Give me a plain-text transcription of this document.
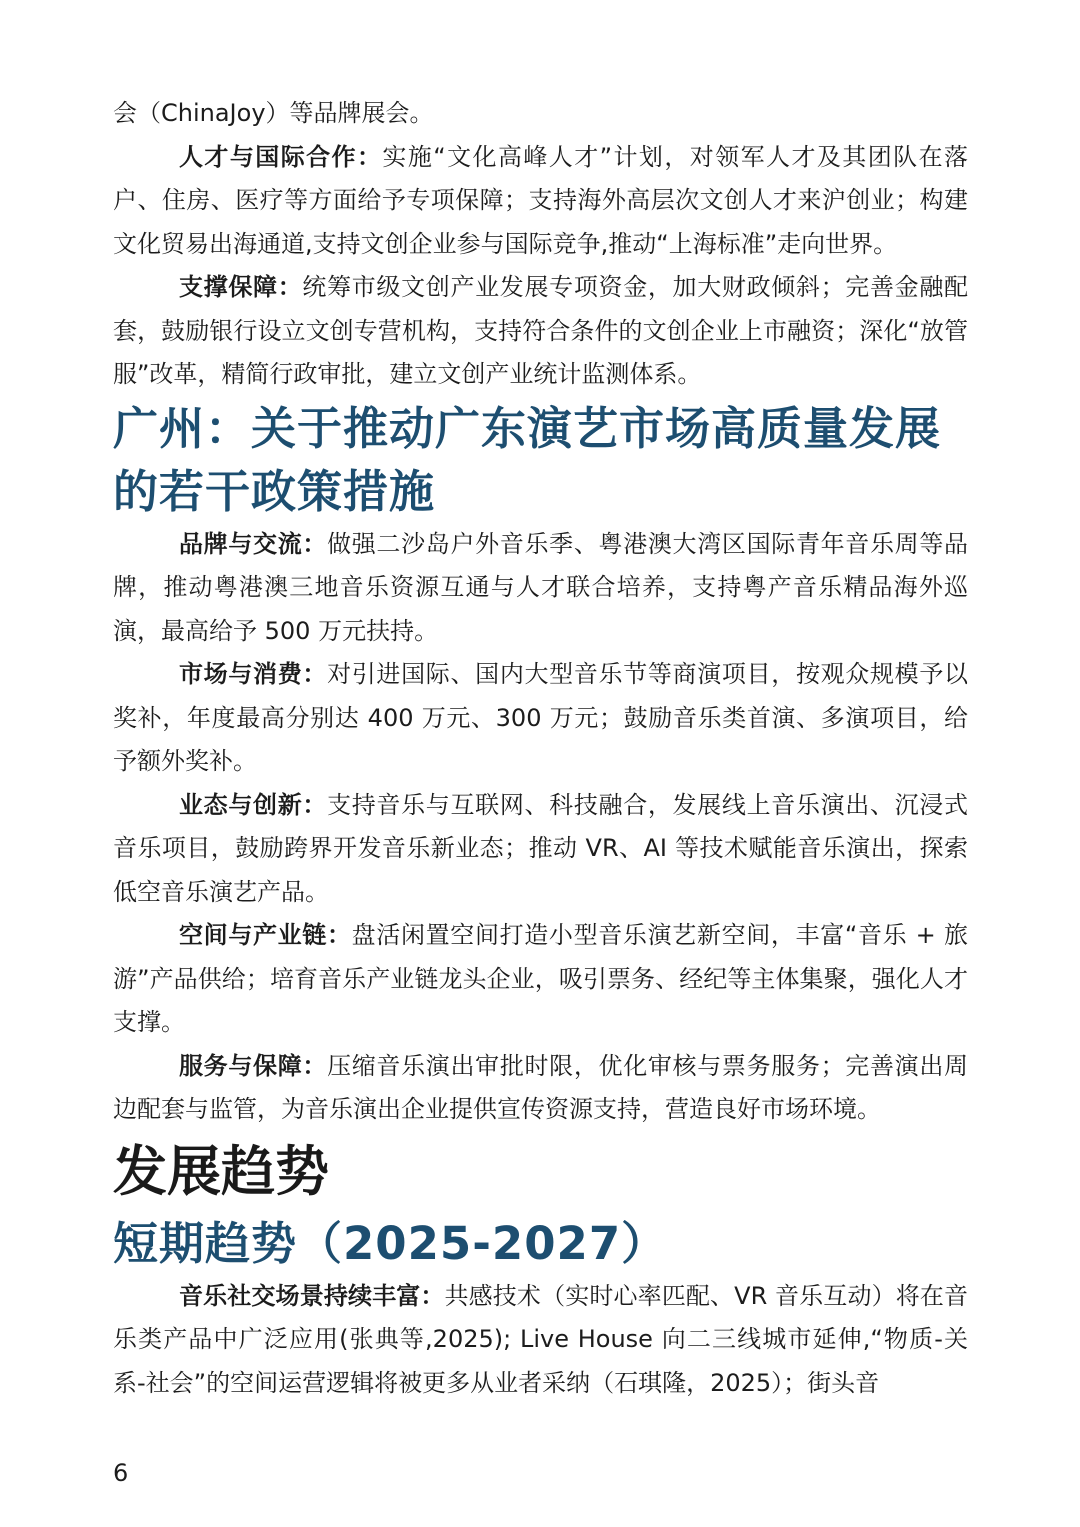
会（ChinaJoy）等品牌展会。

人才与国际合作：实施“文化高峰人才”计划，对领军人才及其团队在落户、住房、医疗等方面给予专项保障；支持海外高层次文创人才来沪创业；构建文化贸易出海通道,支持文创企业参与国际竞争,推动“上海标准”走向世界。

支撑保障：统筹市级文创产业发展专项资金，加大财政倾斜；完善金融配套，鼓励银行设立文创专营机构，支持符合条件的文创企业上市融资；深化“放管服”改革，精简行政审批，建立文创产业统计监测体系。

广州：关于推动广东演艺市场高质量发展的若干政策措施

品牌与交流：做强二沙岛户外音乐季、粤港澳大湾区国际青年音乐周等品牌，推动粤港澳三地音乐资源互通与人才联合培养，支持粤产音乐精品海外巡演，最高给予 500 万元扶持。

市场与消费：对引进国际、国内大型音乐节等商演项目，按观众规模予以奖补，年度最高分别达 400 万元、300 万元；鼓励音乐类首演、多演项目，给予额外奖补。

业态与创新：支持音乐与互联网、科技融合，发展线上音乐演出、沉浸式音乐项目，鼓励跨界开发音乐新业态；推动 VR、AI 等技术赋能音乐演出，探索低空音乐演艺产品。

空间与产业链：盘活闲置空间打造小型音乐演艺新空间，丰富“音乐 + 旅游”产品供给；培育音乐产业链龙头企业，吸引票务、经纪等主体集聚，强化人才支撑。

服务与保障：压缩音乐演出审批时限，优化审核与票务服务；完善演出周边配套与监管，为音乐演出企业提供宣传资源支持，营造良好市场环境。

发展趋势
短期趋势（2025-2027）

音乐社交场景持续丰富：共感技术（实时心率匹配、VR 音乐互动）将在音乐类产品中广泛应用(张典等,2025); Live House 向二三线城市延伸,“物质-关系-社会”的空间运营逻辑将被更多从业者采纳（石琪隆，2025）；街头音

6
